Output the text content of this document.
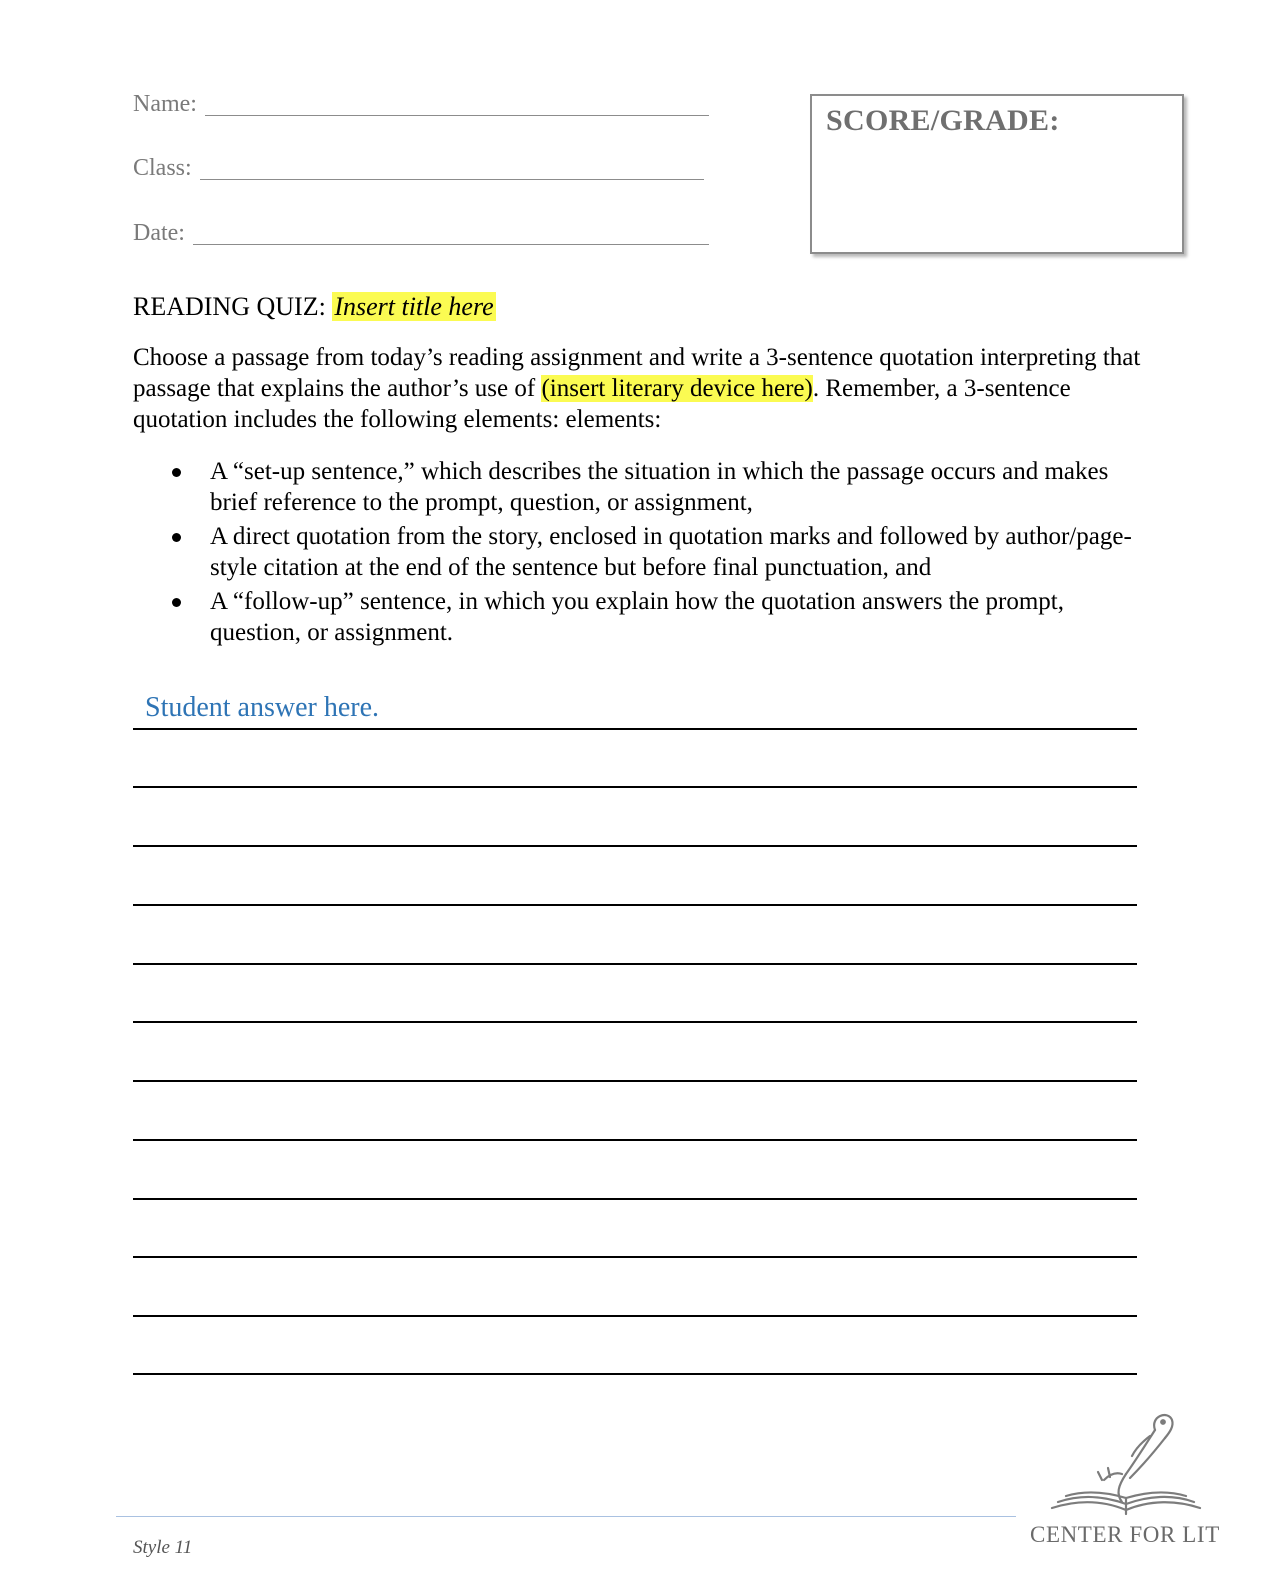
Name:
Class:
Date:
SCORE/GRADE:
READING QUIZ: Insert title here
Choose a passage from today’s reading assignment and write a 3-sentence quotation interpreting that passage that explains the author’s use of (insert literary device here). Remember, a 3-sentence quotation includes the following elements: elements:
A “set-up sentence,” which describes the situation in which the passage occurs and makes brief reference to the prompt, question, or assignment,
A direct quotation from the story, enclosed in quotation marks and followed by author/page-style citation at the end of the sentence but before final punctuation, and
A “follow-up” sentence, in which you explain how the quotation answers the prompt, question, or assignment.
Student answer here.
Style 11
CENTER FOR LIT
